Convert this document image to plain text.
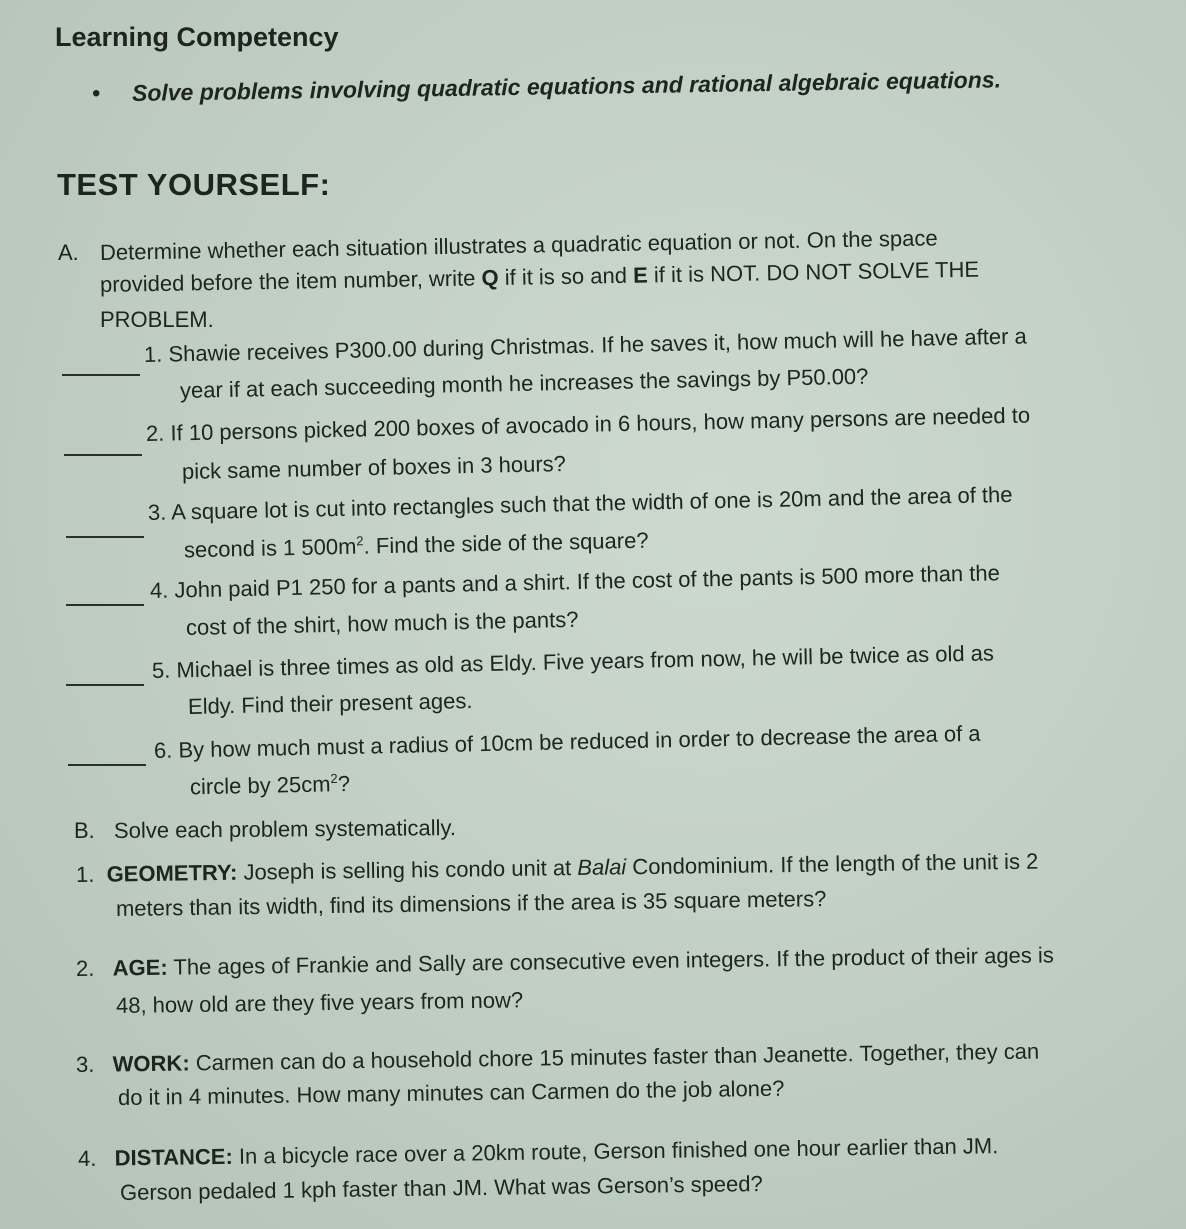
Learning Competency
• Solve problems involving quadratic equations and rational algebraic equations.
TEST YOURSELF:
A. Determine whether each situation illustrates a quadratic equation or not. On the space
provided before the item number, write Q if it is so and E if it is NOT. DO NOT SOLVE THE
PROBLEM.
1. Shawie receives P300.00 during Christmas. If he saves it, how much will he have after a
year if at each succeeding month he increases the savings by P50.00?
2. If 10 persons picked 200 boxes of avocado in 6 hours, how many persons are needed to
pick same number of boxes in 3 hours?
3. A square lot is cut into rectangles such that the width of one is 20m and the area of the
second is 1 $500m^2$. Find the side of the square?
4. John paid P1 250 for a pants and a shirt. If the cost of the pants is 500 more than the
cost of the shirt, how much is the pants?
5. Michael is three times as old as Eldy. Five years from now, he will be twice as old as
Eldy. Find their present ages.
6. By how much must a radius of 10cm be reduced in order to decrease the area of a
circle by $25cm^2$?
B. Solve each problem systematically.
1. GEOMETRY: Joseph is selling his condo unit at Balai Condominium. If the length of the unit is 2
meters than its width, find its dimensions if the area is 35 square meters?
2. AGE: The ages of Frankie and Sally are consecutive even integers. If the product of their ages is
48, how old are they five years from now?
3. WORK: Carmen can do a household chore 15 minutes faster than Jeanette. Together, they can
do it in 4 minutes. How many minutes can Carmen do the job alone?
4. DISTANCE: In a bicycle race over a 20km route, Gerson finished one hour earlier than JM.
Gerson pedaled 1 kph faster than JM. What was Gerson’s speed?
